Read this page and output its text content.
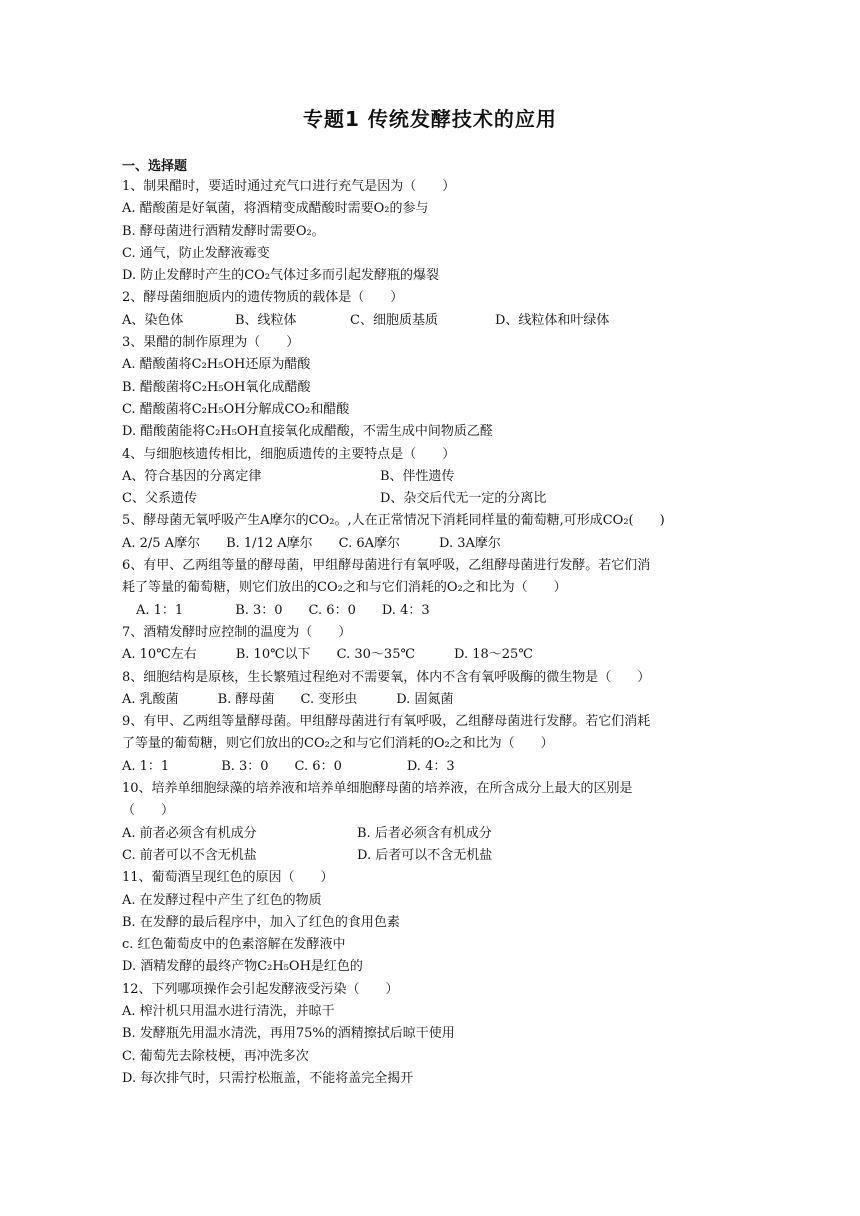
专题1 传统发酵技术的应用
一、选择题
1、制果醋时，要适时通过充气口进行充气是因为（　　）
A. 醋酸菌是好氧菌，将酒精变成醋酸时需要O₂的参与
B. 酵母菌进行酒精发酵时需要O₂。
C. 通气，防止发酵液霉变
D. 防止发酵时产生的CO₂气体过多而引起发酵瓶的爆裂
2、酵母菌细胞质内的遗传物质的载体是（　　）
A、染色体	B、线粒体	C、细胞质基质	D、线粒体和叶绿体
3、果醋的制作原理为（　　）
A. 醋酸菌将C₂H₅OH还原为醋酸
B. 醋酸菌将C₂H₅OH氧化成醋酸
C. 醋酸菌将C₂H₅OH分解成CO₂和醋酸
D. 醋酸菌能将C₂H₅OH直接氧化成醋酸，不需生成中间物质乙醛
4、与细胞核遗传相比，细胞质遗传的主要特点是（　　）
A、符合基因的分离定律	B、伴性遗传
C、父系遗传	D、杂交后代无一定的分离比
5、酵母菌无氧呼吸产生A摩尔的CO₂。,人在正常情况下消耗同样量的葡萄糖,可形成CO₂(　　)
A. 2/5 A摩尔　　B. 1/12 A摩尔　　C. 6A摩尔　　　D. 3A摩尔
6、有甲、乙两组等量的酵母菌，甲组酵母菌进行有氧呼吸，乙组酵母菌进行发酵。若它们消
耗了等量的葡萄糖，则它们放出的CO₂之和与它们消耗的O₂之和比为（　　）
A. 1：1　　　　B. 3：0　　C. 6：0　　D. 4：3
7、酒精发酵时应控制的温度为（　　）
A. 10℃左右　　　B. 10℃以下　　C. 30～35℃　　　D. 18～25℃
8、细胞结构是原核，生长繁殖过程绝对不需要氧，体内不含有氧呼吸酶的微生物是（　　）
A. 乳酸菌　　　B. 酵母菌　　C. 变形虫　　　D. 固氮菌
9、有甲、乙两组等量酵母菌。甲组酵母菌进行有氧呼吸，乙组酵母菌进行发酵。若它们消耗
了等量的葡萄糖，则它们放出的CO₂之和与它们消耗的O₂之和比为（　　）
A. 1：1　　　　B. 3：0　　C. 6：0　　　　　D. 4：3
10、培养单细胞绿藻的培养液和培养单细胞酵母菌的培养液，在所含成分上最大的区别是
（　　）
A. 前者必须含有机成分	B. 后者必须含有机成分
C. 前者可以不含无机盐	D. 后者可以不含无机盐
11、葡萄酒呈现红色的原因（　　）
A. 在发酵过程中产生了红色的物质
B. 在发酵的最后程序中，加入了红色的食用色素
c. 红色葡萄皮中的色素溶解在发酵液中
D. 酒精发酵的最终产物C₂H₅OH是红色的
12、下列哪项操作会引起发酵液受污染（　　）
A. 榨汁机只用温水进行清洗，并晾干
B. 发酵瓶先用温水清洗，再用75%的酒精擦拭后晾干使用
C. 葡萄先去除枝梗，再冲洗多次
D. 每次排气时，只需拧松瓶盖，不能将盖完全揭开
